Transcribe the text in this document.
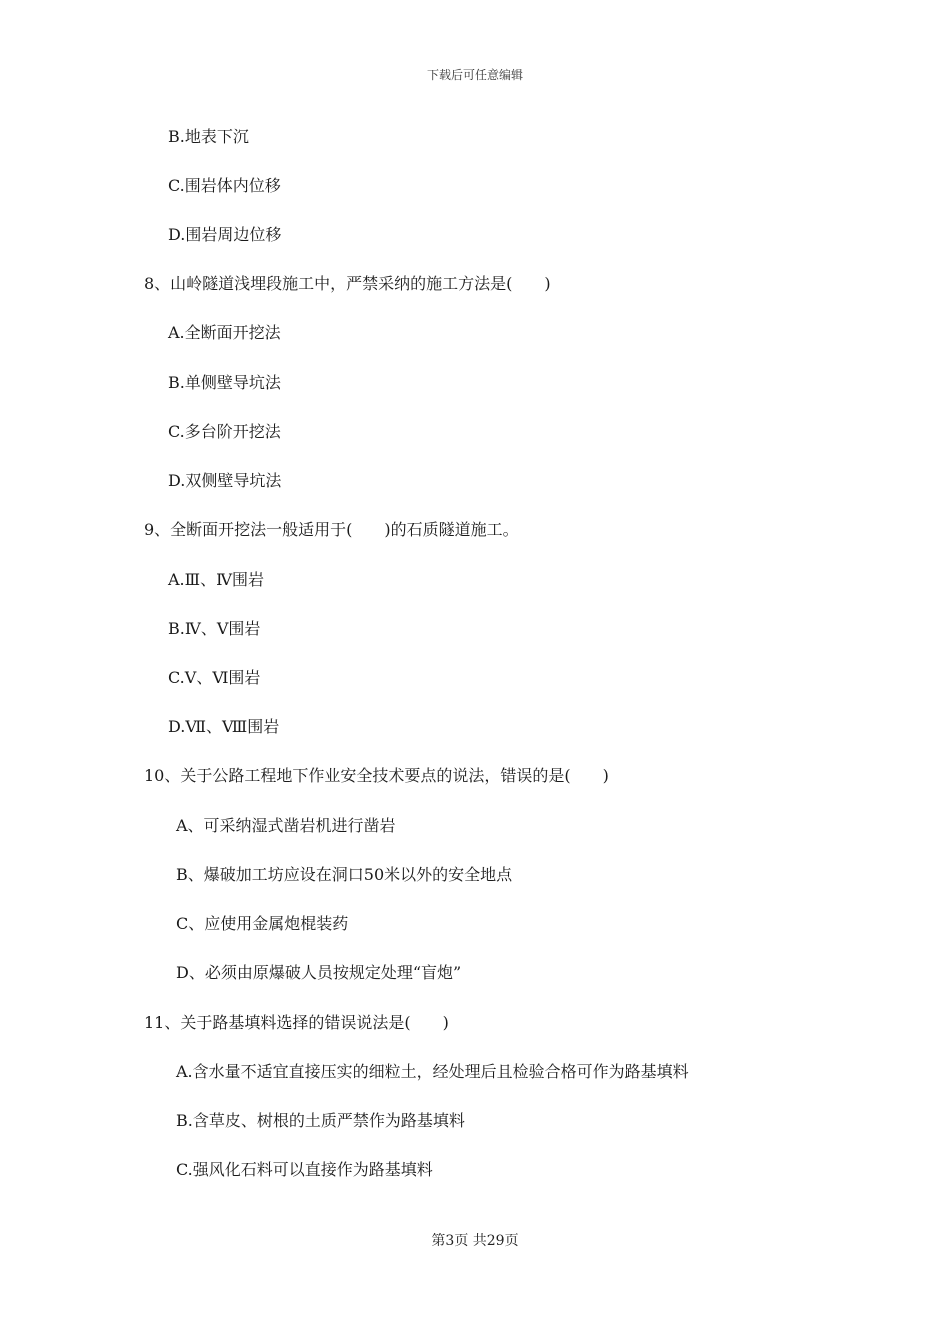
下载后可任意编辑
B.地表下沉
C.围岩体内位移
D.围岩周边位移
8、山岭隧道浅埋段施工中，严禁采纳的施工方法是(　　)
A.全断面开挖法
B.单侧壁导坑法
C.多台阶开挖法
D.双侧壁导坑法
9、全断面开挖法一般适用于(　　)的石质隧道施工。
A.Ⅲ、Ⅳ围岩
B.Ⅳ、Ⅴ围岩
C.Ⅴ、Ⅵ围岩
D.Ⅶ、Ⅷ围岩
10、关于公路工程地下作业安全技术要点的说法，错误的是(　　)
A、可采纳湿式凿岩机进行凿岩
B、爆破加工坊应设在洞口50米以外的安全地点
C、应使用金属炮棍装药
D、必须由原爆破人员按规定处理“盲炮”
11、关于路基填料选择的错误说法是(　　)
A.含水量不适宜直接压实的细粒土，经处理后且检验合格可作为路基填料
B.含草皮、树根的土质严禁作为路基填料
C.强风化石料可以直接作为路基填料
第3页 共29页
